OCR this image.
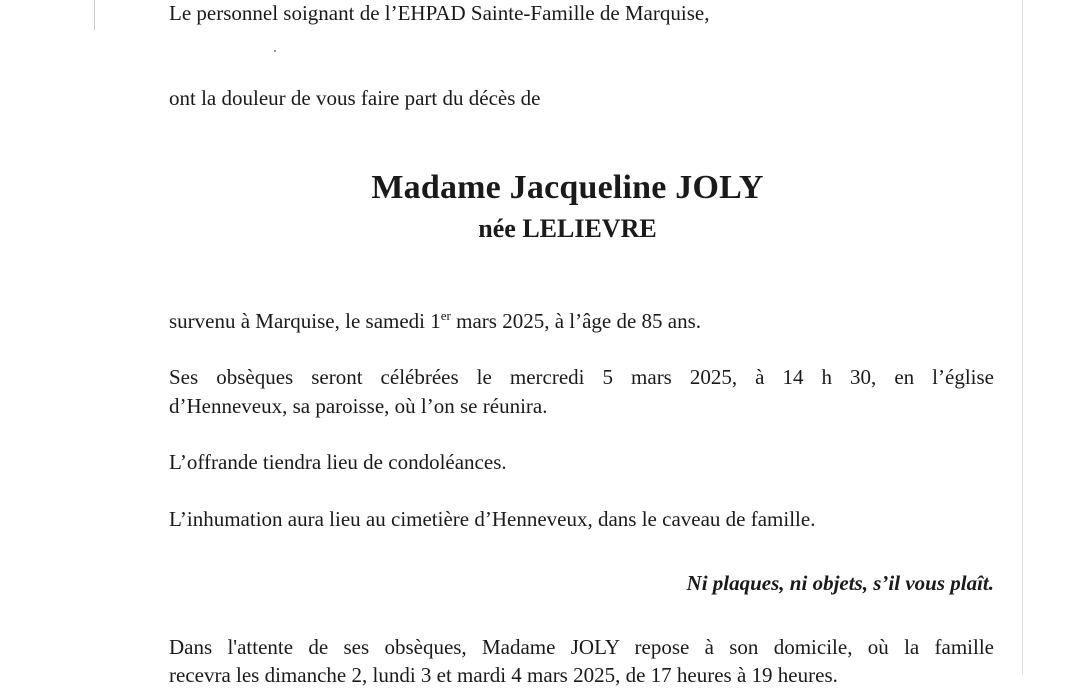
Le personnel soignant de l’EHPAD Sainte-Famille de Marquise,
ont la douleur de vous faire part du décès de
Madame Jacqueline JOLY
née LELIEVRE
survenu à Marquise, le samedi 1er mars 2025, à l’âge de 85 ans.
Ses obsèques seront célébrées le mercredi 5 mars 2025, à 14 h 30, en l’église
d’Henneveux, sa paroisse, où l’on se réunira.
L’offrande tiendra lieu de condoléances.
L’inhumation aura lieu au cimetière d’Henneveux, dans le caveau de famille.
Ni plaques, ni objets, s’il vous plaît.
Dans l'attente de ses obsèques, Madame JOLY repose à son domicile, où la famille
recevra les dimanche 2, lundi 3 et mardi 4 mars 2025, de 17 heures à 19 heures.
